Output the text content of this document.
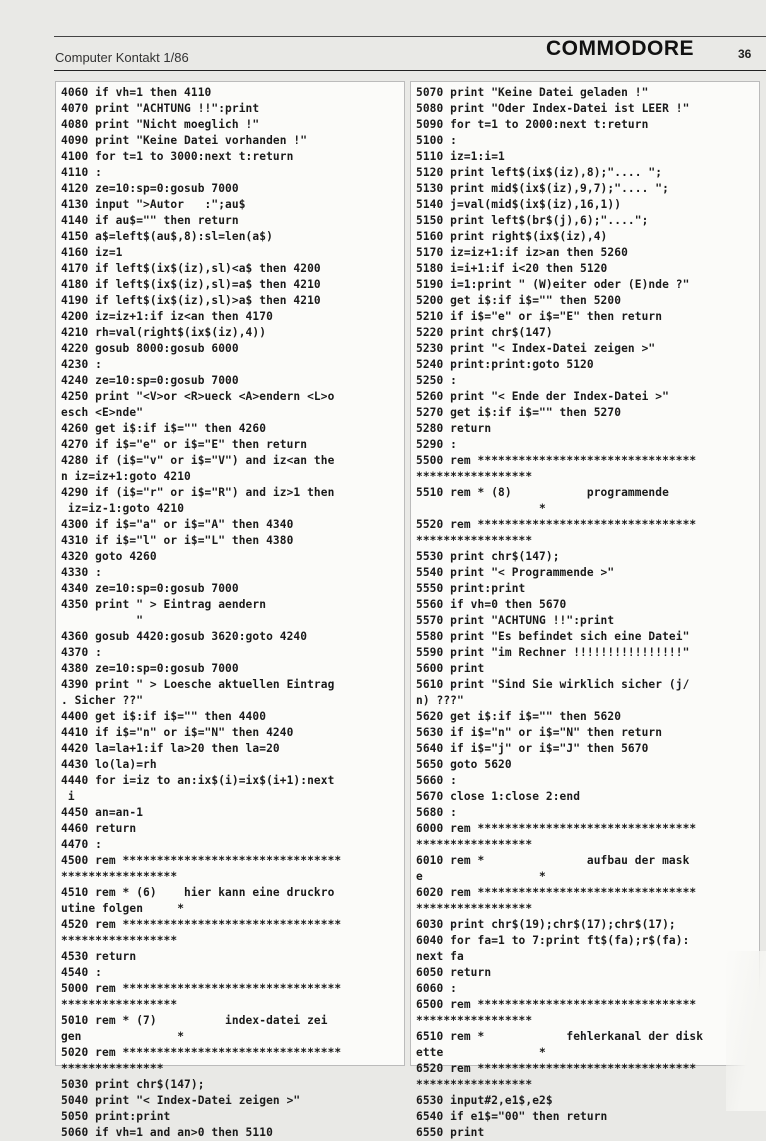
Computer Kontakt 1/86	COMMODORE	36
4060 if vh=1 then 4110
4070 print "ACHTUNG !!":print
4080 print "Nicht moeglich !"
4090 print "Keine Datei vorhanden !"
4100 for t=1 to 3000:next t:return
4110 :
4120 ze=10:sp=0:gosub 7000
4130 input ">Autor   :";au$
4140 if au$="" then return
4150 a$=left$(au$,8):sl=len(a$)
4160 iz=1
4170 if left$(ix$(iz),sl)<a$ then 4200
4180 if left$(ix$(iz),sl)=a$ then 4210
4190 if left$(ix$(iz),sl)>a$ then 4210
4200 iz=iz+1:if iz<an then 4170
4210 rh=val(right$(ix$(iz),4))
4220 gosub 8000:gosub 6000
4230 :
4240 ze=10:sp=0:gosub 7000
4250 print "<V>or <R>ueck <A>endern <L>o
esch <E>nde"
4260 get i$:if i$="" then 4260
4270 if i$="e" or i$="E" then return
4280 if (i$="v" or i$="V") and iz<an the
n iz=iz+1:goto 4210
4290 if (i$="r" or i$="R") and iz>1 then
iz=iz-1:goto 4210
4300 if i$="a" or i$="A" then 4340
4310 if i$="l" or i$="L" then 4380
4320 goto 4260
4330 :
4340 ze=10:sp=0:gosub 7000
4350 print " > Eintrag aendern
"
4360 gosub 4420:gosub 3620:goto 4240
4370 :
4380 ze=10:sp=0:gosub 7000
4390 print " > Loesche aktuellen Eintrag
. Sicher ??"
4400 get i$:if i$="" then 4400
4410 if i$="n" or i$="N" then 4240
4420 la=la+1:if la>20 then la=20
4430 lo(la)=rh
4440 for i=iz to an:ix$(i)=ix$(i+1):next
i
4450 an=an-1
4460 return
4470 :
4500 rem ********************************
*****************
4510 rem * (6)    hier kann eine druckro
utine folgen     *
4520 rem ********************************
*****************
4530 return
4540 :
5000 rem ********************************
*****************
5010 rem * (7)          index-datei zei
gen              *
5020 rem ********************************
***************
5030 print chr$(147);
5040 print "< Index-Datei zeigen >"
5050 print:print
5060 if vh=1 and an>0 then 5110
5070 print "Keine Datei geladen !"
5080 print "Oder Index-Datei ist LEER !"
5090 for t=1 to 2000:next t:return
5100 :
5110 iz=1:i=1
5120 print left$(ix$(iz),8);".... ";
5130 print mid$(ix$(iz),9,7);".... ";
5140 j=val(mid$(ix$(iz),16,1))
5150 print left$(br$(j),6);"....";
5160 print right$(ix$(iz),4)
5170 iz=iz+1:if iz>an then 5260
5180 i=i+1:if i<20 then 5120
5190 i=1:print " (W)eiter oder (E)nde ?"
5200 get i$:if i$="" then 5200
5210 if i$="e" or i$="E" then return
5220 print chr$(147)
5230 print "< Index-Datei zeigen >"
5240 print:print:goto 5120
5250 :
5260 print "< Ende der Index-Datei >"
5270 get i$:if i$="" then 5270
5280 return
5290 :
5500 rem ********************************
*****************
5510 rem * (8)           programmende
*
5520 rem ********************************
*****************
5530 print chr$(147);
5540 print "< Programmende >"
5550 print:print
5560 if vh=0 then 5670
5570 print "ACHTUNG !!":print
5580 print "Es befindet sich eine Datei"
5590 print "im Rechner !!!!!!!!!!!!!!!!"
5600 print
5610 print "Sind Sie wirklich sicher (j/
n) ???"
5620 get i$:if i$="" then 5620
5630 if i$="n" or i$="N" then return
5640 if i$="j" or i$="J" then 5670
5650 goto 5620
5660 :
5670 close 1:close 2:end
5680 :
6000 rem ********************************
*****************
6010 rem *               aufbau der mask
e                 *
6020 rem ********************************
*****************
6030 print chr$(19);chr$(17);chr$(17);
6040 for fa=1 to 7:print ft$(fa);r$(fa):
next fa
6050 return
6060 :
6500 rem ********************************
*****************
6510 rem *            fehlerkanal der disk
ette              *
6520 rem ********************************
*****************
6530 input#2,e1$,e2$
6540 if e1$="00" then return
6550 print
